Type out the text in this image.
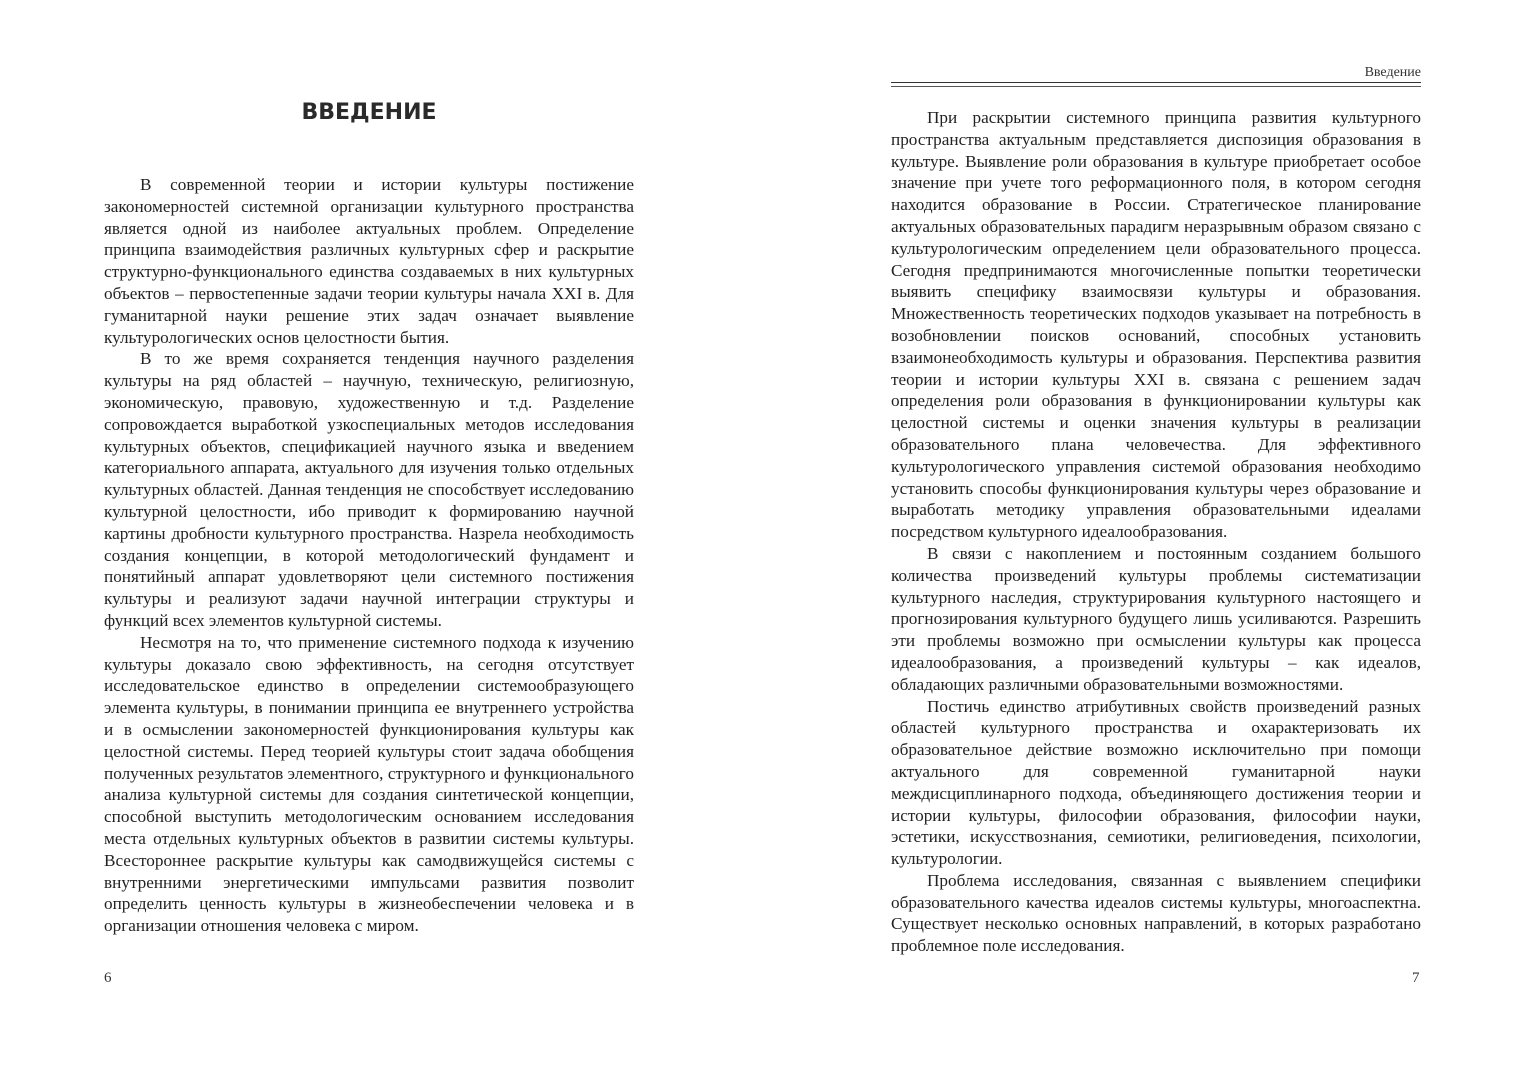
ВВЕДЕНИЕ

В современной теории и истории культуры постижение закономерностей системной организации культурного пространства является одной из наиболее актуальных проблем. Определение принципа взаимодействия различных культурных сфер и раскрытие структурно-функционального единства создаваемых в них культурных объектов – первостепенные задачи теории культуры начала XXI в. Для гуманитарной науки решение этих задач означает выявление культурологических основ целостности бытия.

В то же время сохраняется тенденция научного разделения культуры на ряд областей – научную, техническую, религиозную, экономическую, правовую, художественную и т.д. Разделение сопровождается выработкой узкоспециальных методов исследования культурных объектов, спецификацией научного языка и введением категориального аппарата, актуального для изучения только отдельных культурных областей. Данная тенденция не способствует исследованию культурной целостности, ибо приводит к формированию научной картины дробности культурного пространства. Назрела необходимость создания концепции, в которой методологический фундамент и понятийный аппарат удовлетворяют цели системного постижения культуры и реализуют задачи научной интеграции структуры и функций всех элементов культурной системы.

Несмотря на то, что применение системного подхода к изучению культуры доказало свою эффективность, на сегодня отсутствует исследовательское единство в определении системообразующего элемента культуры, в понимании принципа ее внутреннего устройства и в осмыслении закономерностей функционирования культуры как целостной системы. Перед теорией культуры стоит задача обобщения полученных результатов элементного, структурного и функционального анализа культурной системы для создания синтетической концепции, способной выступить методологическим основанием исследования места отдельных культурных объектов в развитии системы культуры. Всестороннее раскрытие культуры как самодвижущейся системы с внутренними энергетическими импульсами развития позволит определить ценность культуры в жизнеобеспечении человека и в организации отношения человека с миром.

6
Введение

При раскрытии системного принципа развития культурного пространства актуальным представляется диспозиция образования в культуре. Выявление роли образования в культуре приобретает особое значение при учете того реформационного поля, в котором сегодня находится образование в России. Стратегическое планирование актуальных образовательных парадигм неразрывным образом связано с культурологическим определением цели образовательного процесса. Сегодня предпринимаются многочисленные попытки теоретически выявить специфику взаимосвязи культуры и образования. Множественность теоретических подходов указывает на потребность в возобновлении поисков оснований, способных установить взаимонеобходимость культуры и образования. Перспектива развития теории и истории культуры XXI в. связана с решением задач определения роли образования в функционировании культуры как целостной системы и оценки значения культуры в реализации образовательного плана человечества. Для эффективного культурологического управления системой образования необходимо установить способы функционирования культуры через образование и выработать методику управления образовательными идеалами посредством культурного идеалообразования.

В связи с накоплением и постоянным созданием большого количества произведений культуры проблемы систематизации культурного наследия, структурирования культурного настоящего и прогнозирования культурного будущего лишь усиливаются. Разрешить эти проблемы возможно при осмыслении культуры как процесса идеалообразования, а произведений культуры – как идеалов, обладающих различными образовательными возможностями.

Постичь единство атрибутивных свойств произведений разных областей культурного пространства и охарактеризовать их образовательное действие возможно исключительно при помощи актуального для современной гуманитарной науки междисциплинарного подхода, объединяющего достижения теории и истории культуры, философии образования, философии науки, эстетики, искусствознания, семиотики, религиоведения, психологии, культурологии.

Проблема исследования, связанная с выявлением специфики образовательного качества идеалов системы культуры, многоаспектна. Существует несколько основных направлений, в которых разработано проблемное поле исследования.

7
